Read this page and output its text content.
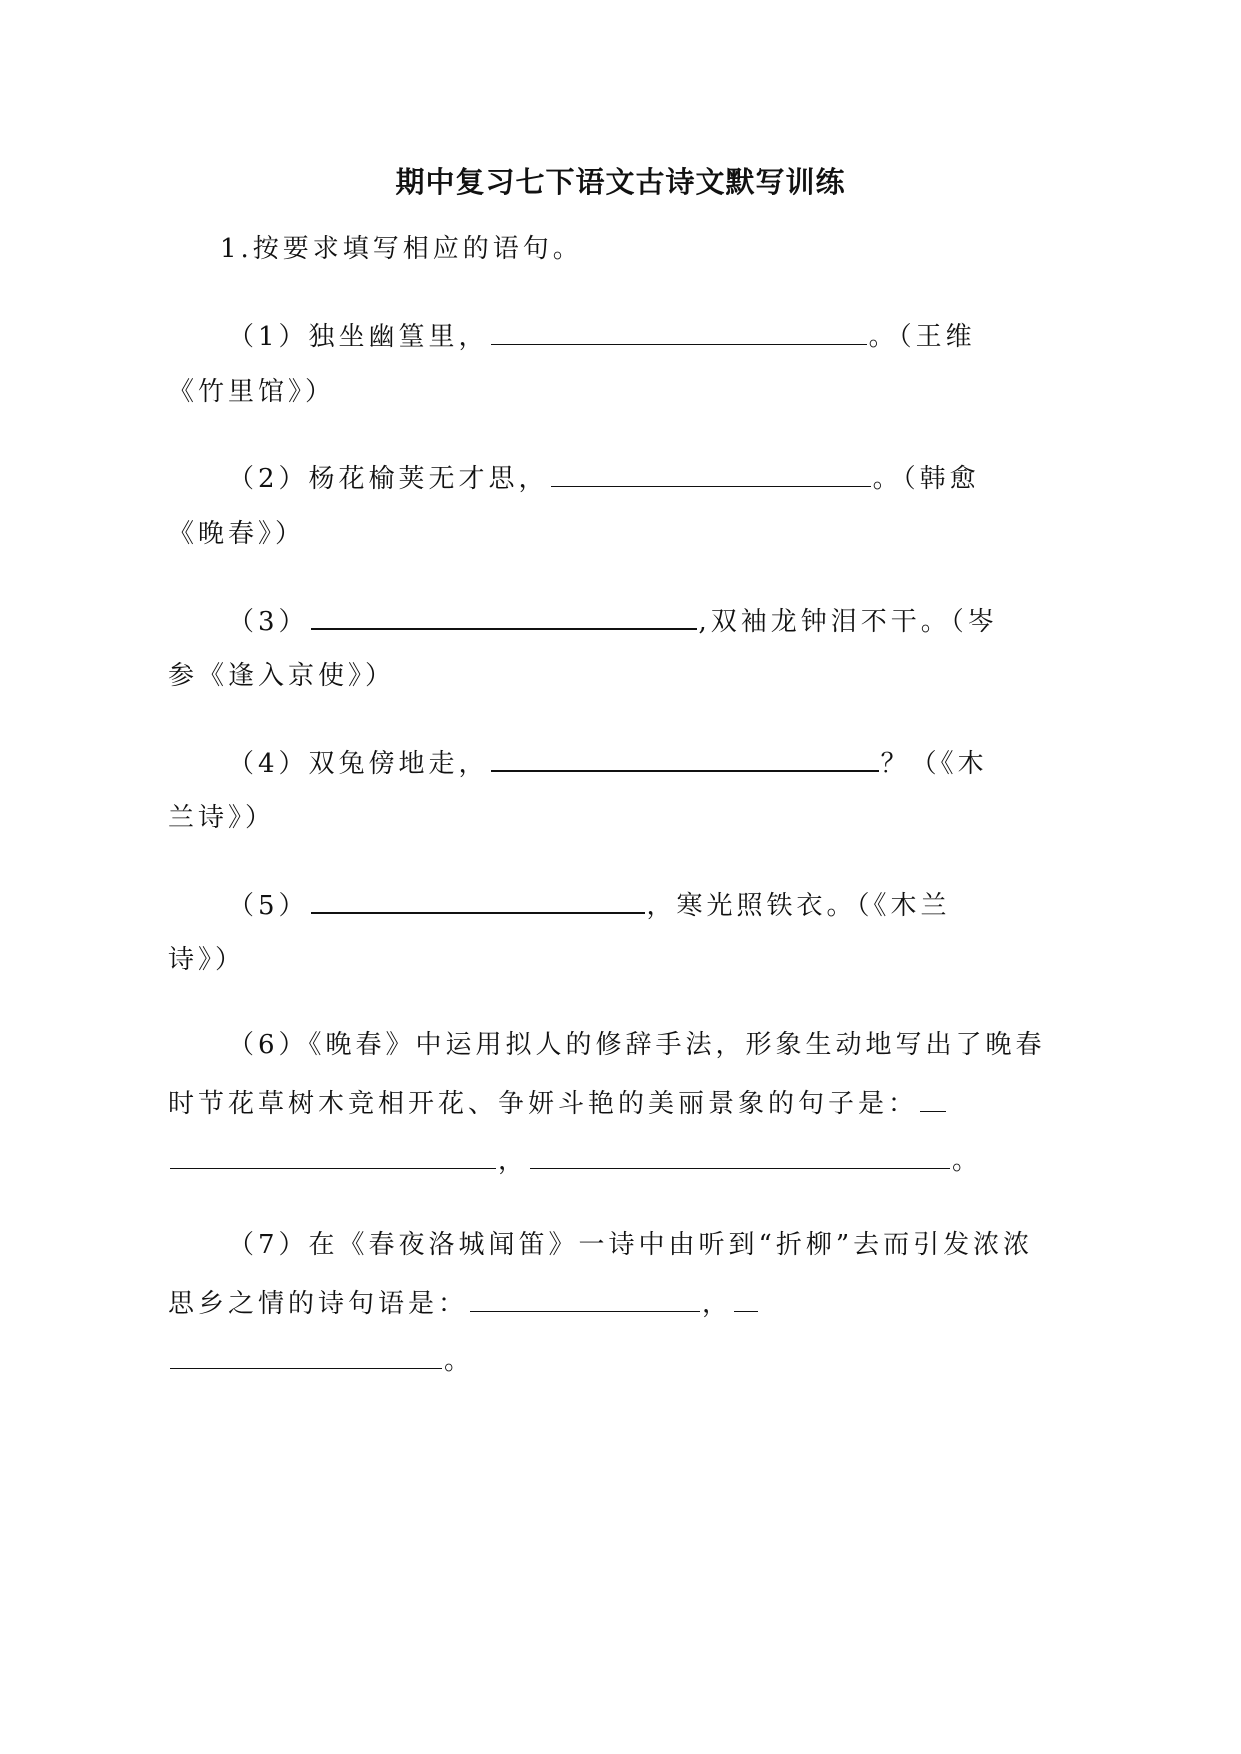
期中复习七下语文古诗文默写训练
1.按要求填写相应的语句。
（1）独坐幽篁里，	。（王维
《竹里馆》）
（2）杨花榆荚无才思，	。（韩愈
《晚春》）
（3）	,双袖龙钟泪不干。（岑
参《逢入京使》）
（4）双兔傍地走，	？（《木
兰诗》）
（5）	，寒光照铁衣。（《木兰
诗》）
（6）《晚春》中运用拟人的修辞手法，形象生动地写出了晚春
时节花草树木竞相开花、争妍斗艳的美丽景象的句子是：
，	。
（7）在《春夜洛城闻笛》一诗中由听到“折柳”去而引发浓浓
思乡之情的诗句语是：	，
。
